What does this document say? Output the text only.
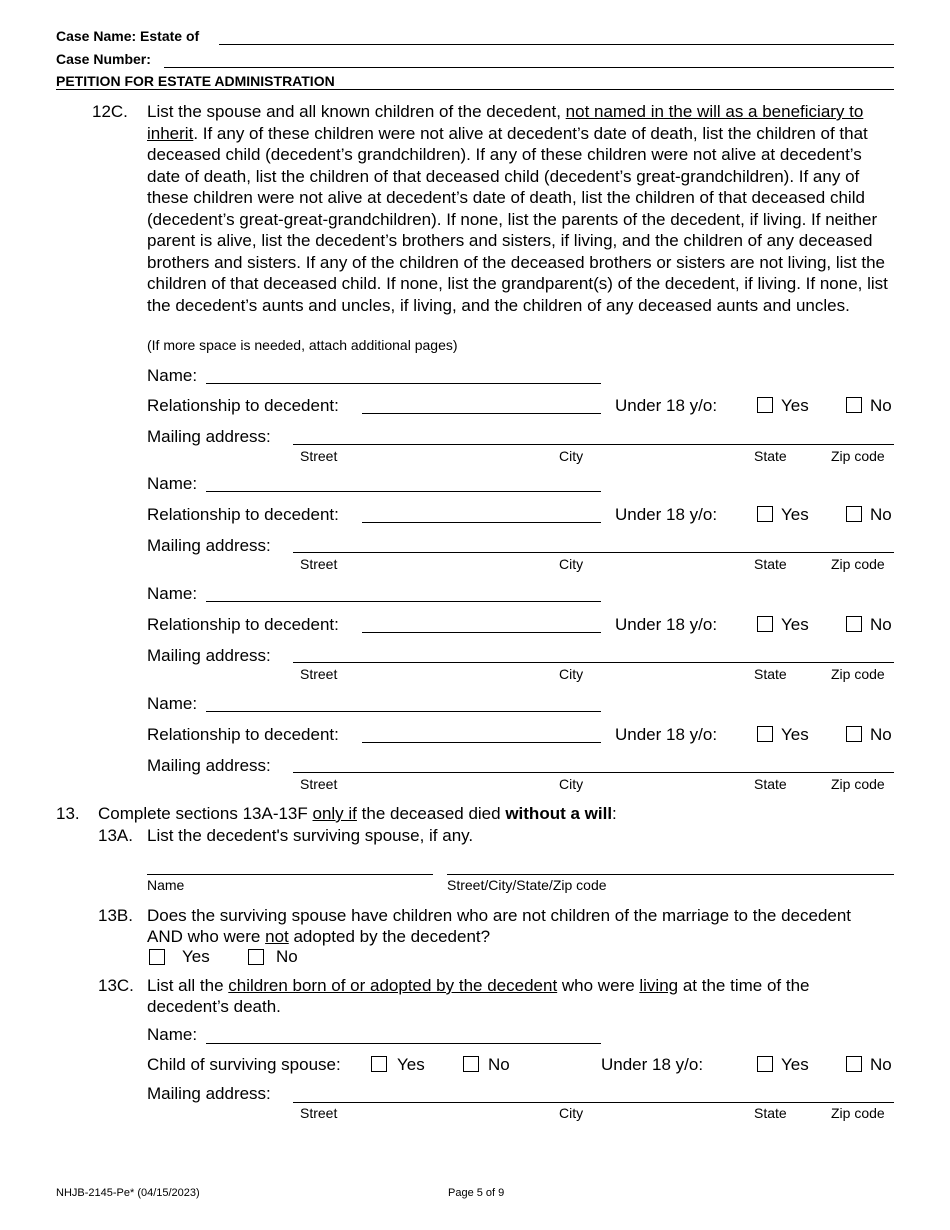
Case Name: Estate of
Case Number:
PETITION FOR ESTATE ADMINISTRATION
12C. List the spouse and all known children of the decedent, not named in the will as a beneficiary to inherit. If any of these children were not alive at decedent’s date of death, list the children of that deceased child (decedent’s grandchildren). If any of these children were not alive at decedent’s date of death, list the children of that deceased child (decedent’s great-grandchildren). If any of these children were not alive at decedent’s date of death, list the children of that deceased child (decedent’s great-great-grandchildren). If none, list the parents of the decedent, if living. If neither parent is alive, list the decedent’s brothers and sisters, if living, and the children of any deceased brothers and sisters. If any of the children of the deceased brothers or sisters are not living, list the children of that deceased child. If none, list the grandparent(s) of the decedent, if living. If none, list the decedent’s aunts and uncles, if living, and the children of any deceased aunts and uncles.
(If more space is needed, attach additional pages)
Name:
Relationship to decedent:	Under 18 y/o:	Yes	No
Mailing address:
Street	City	State	Zip code
Name:
Relationship to decedent:	Under 18 y/o:	Yes	No
Mailing address:
Street	City	State	Zip code
Name:
Relationship to decedent:	Under 18 y/o:	Yes	No
Mailing address:
Street	City	State	Zip code
Name:
Relationship to decedent:	Under 18 y/o:	Yes	No
Mailing address:
Street	City	State	Zip code
13. Complete sections 13A-13F only if the deceased died without a will:
13A. List the decedent's surviving spouse, if any.
Name	Street/City/State/Zip code
13B. Does the surviving spouse have children who are not children of the marriage to the decedent AND who were not adopted by the decedent?
Yes	No
13C. List all the children born of or adopted by the decedent who were living at the time of the decedent’s death.
Name:
Child of surviving spouse:	Yes	No	Under 18 y/o:	Yes	No
Mailing address:
Street	City	State	Zip code
NHJB-2145-Pe* (04/15/2023)	Page 5 of 9
